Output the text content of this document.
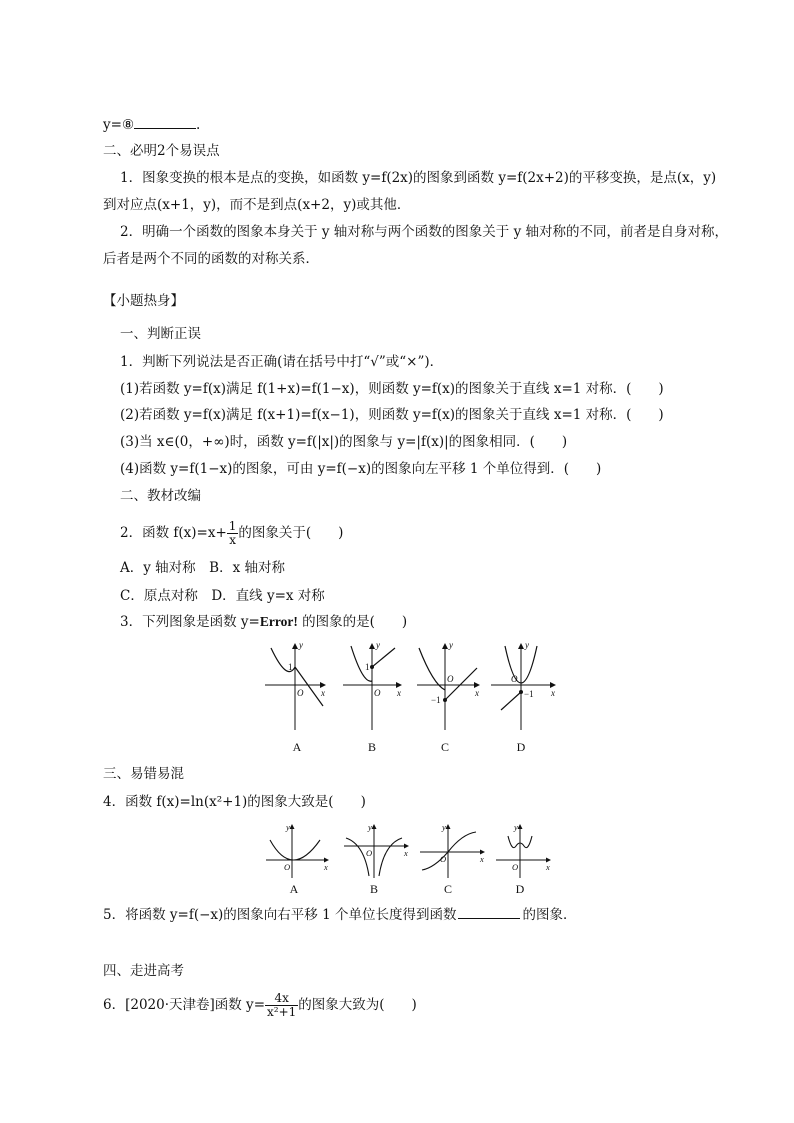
y=⑧	.
二、必明2个易误点
1．图象变换的根本是点的变换，如函数 y=f(2x)的图象到函数 y=f(2x+2)的平移变换，是点(x，y)
到对应点(x+1，y)，而不是到点(x+2，y)或其他．
2．明确一个函数的图象本身关于 y 轴对称与两个函数的图象关于 y 轴对称的不同，前者是自身对称，
后者是两个不同的函数的对称关系．
【小题热身】
一、判断正误
1．判断下列说法是否正确(请在括号中打“√”或“×”)．
(1)若函数 y=f(x)满足 f(1+x)=f(1−x)，则函数 y=f(x)的图象关于直线 x=1 对称．(　　)
(2)若函数 y=f(x)满足 f(x+1)=f(x−1)，则函数 y=f(x)的图象关于直线 x=1 对称．(　　)
(3)当 x∈(0，+∞)时，函数 y=f(|x|)的图象与 y=|f(x)|的图象相同．(　　)
(4)函数 y=f(1−x)的图象，可由 y=f(−x)的图象向左平移 1 个单位得到．(　　)
二、教材改编
2．函数 $f(x)=x+ \frac{1}{x}$ 的图象关于(　　)
A．y 轴对称　B．x 轴对称
C．原点对称　D．直线 y=x 对称
3．下列图象是函数 y=Error! 的图象的是(　　)
y
x
O
1
y
x
O
1
y
x
O
−1
y
x
O
−1
A	B	C	D
三、易错易混
4．函数 f(x)=ln(x²+1)的图象大致是(　　)
y
x
O
y
x
O
y
x
O
y
x
O
A	B	C	D
5．将函数 y=f(−x)的图象向右平移 1 个单位长度得到函数	的图象．
四、走进高考
6．[2020·天津卷]函数 $y= \frac{4x}{\text{x²+1}}$ 的图象大致为(　　)
